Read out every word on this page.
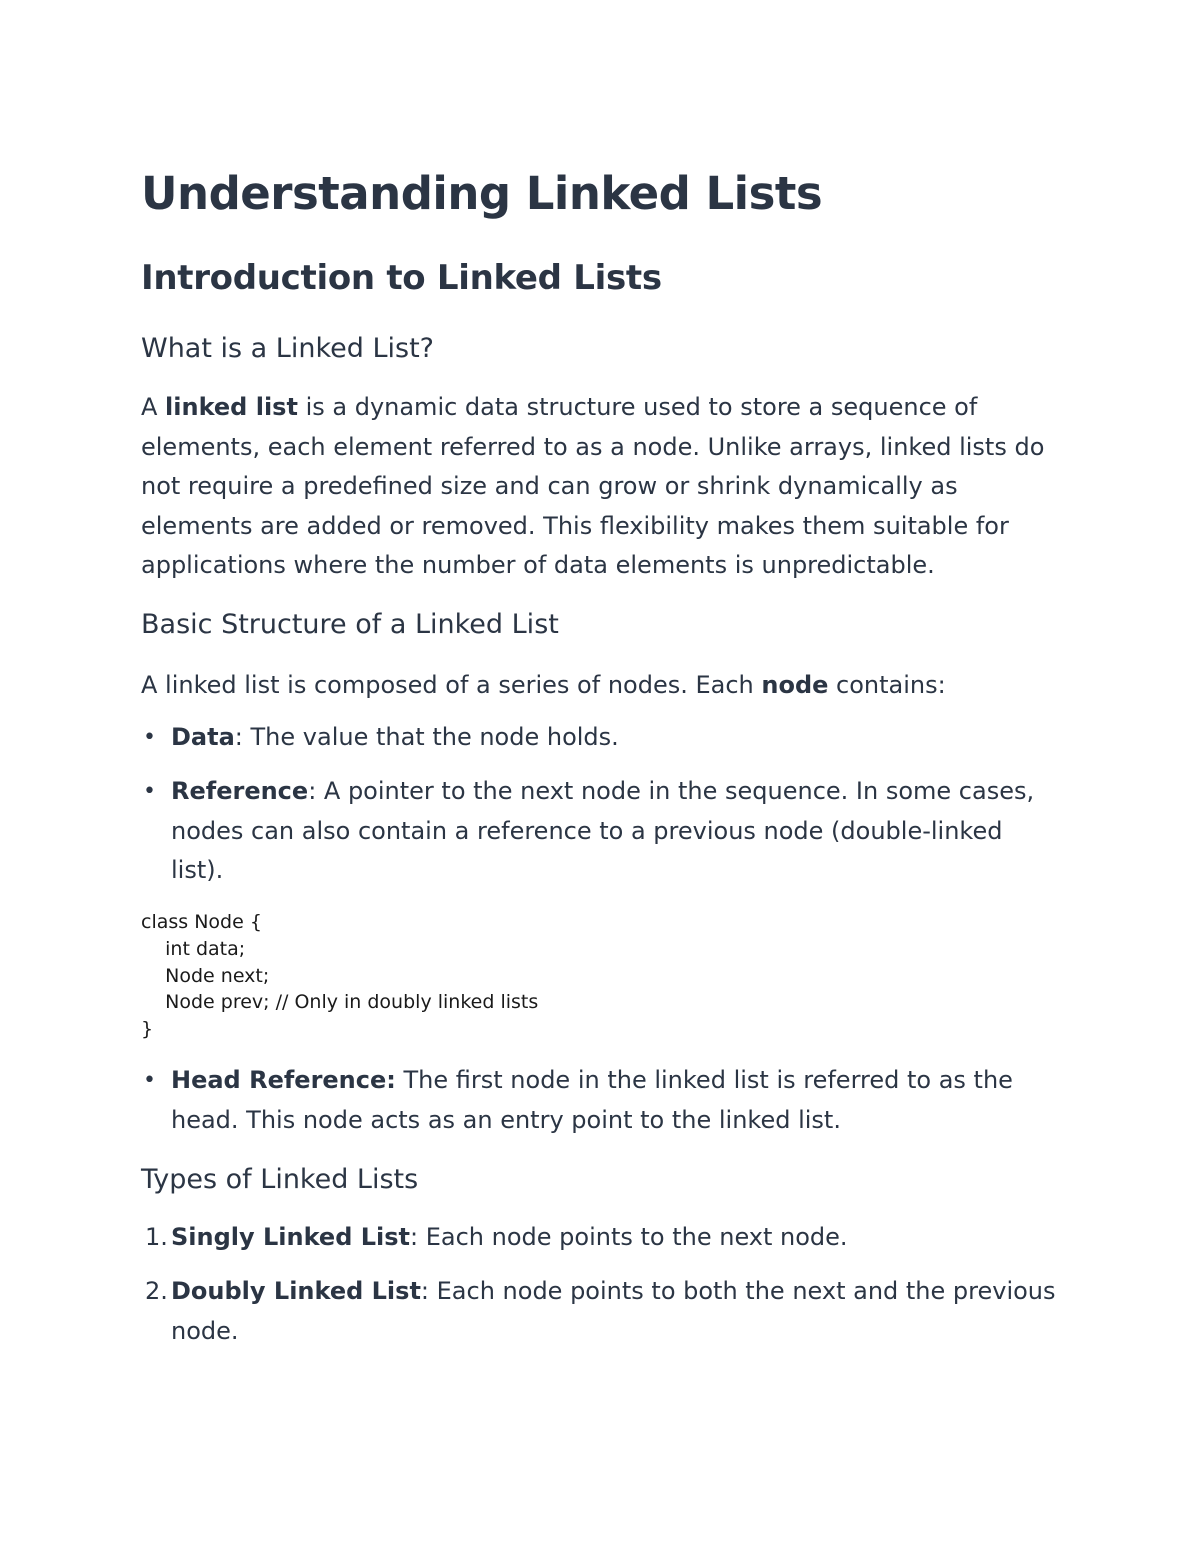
Understanding Linked Lists
Introduction to Linked Lists
What is a Linked List?

A linked list is a dynamic data structure used to store a sequence of elements, each element referred to as a node. Unlike arrays, linked lists do not require a predefined size and can grow or shrink dynamically as elements are added or removed. This flexibility makes them suitable for applications where the number of data elements is unpredictable.

Basic Structure of a Linked List

A linked list is composed of a series of nodes. Each node contains:

• Data: The value that the node holds.
• Reference: A pointer to the next node in the sequence. In some cases, nodes can also contain a reference to a previous node (double-linked list).
class Node {
int data;
Node next;
Node prev; // Only in doubly linked lists
}
• Head Reference: The first node in the linked list is referred to as the head. This node acts as an entry point to the linked list.
Types of Linked Lists
1. Singly Linked List: Each node points to the next node.
2. Doubly Linked List: Each node points to both the next and the previous node.
